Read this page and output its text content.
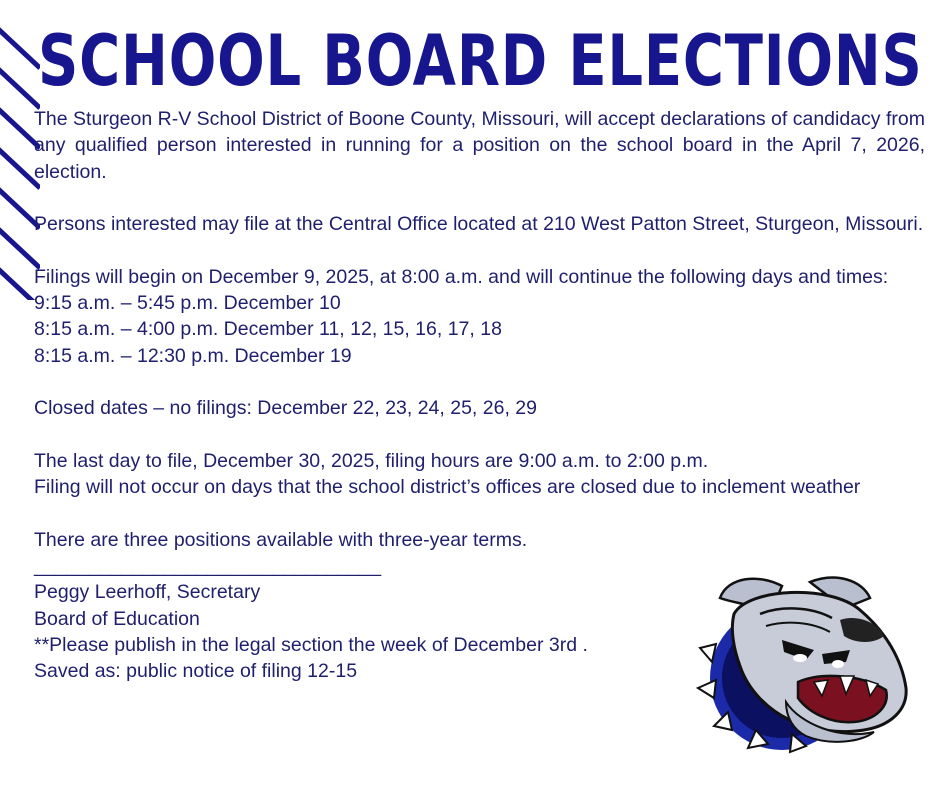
SCHOOL BOARD ELECTIONS

The Sturgeon R-V School District of Boone County, Missouri, will accept declarations of candidacy from any qualified person interested in running for a position on the school board in the April 7, 2026, election.

Persons interested may file at the Central Office located at 210 West Patton Street, Sturgeon, Missouri.

Filings will begin on December 9, 2025, at 8:00 a.m. and will continue the following days and times:

9:15 a.m. – 5:45 p.m. December 10
8:15 a.m. – 4:00 p.m. December 11, 12, 15, 16, 17, 18
8:15 a.m. – 12:30 p.m. December 19

Closed dates – no filings: December 22, 23, 24, 25, 26, 29

The last day to file, December 30, 2025, filing hours are 9:00 a.m. to 2:00 p.m.

Filing will not occur on days that the school district’s offices are closed due to inclement weather

There are three positions available with three-year terms.

________________________________
Peggy Leerhoff, Secretary
Board of Education
**Please publish in the legal section the week of December 3rd .
Saved as: public notice of filing 12-15
